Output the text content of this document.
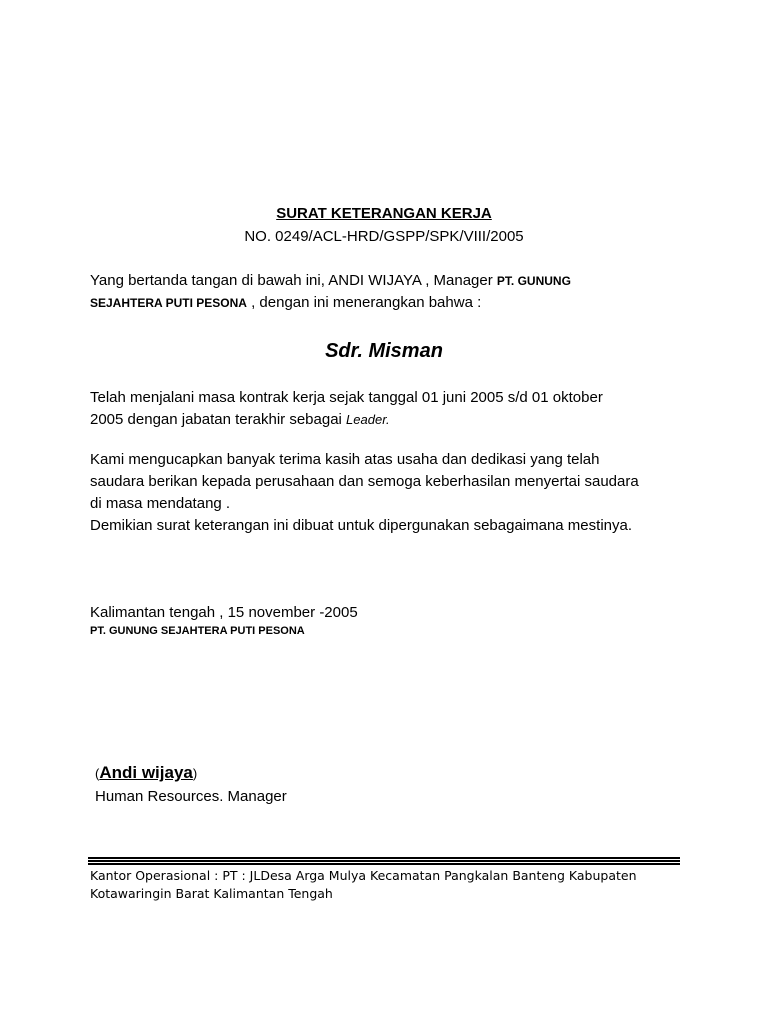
SURAT KETERANGAN KERJA
NO. 0249/ACL-HRD/GSPP/SPK/VIII/2005
Yang bertanda tangan di bawah ini, ANDI WIJAYA , Manager PT. GUNUNG
SEJAHTERA PUTI PESONA , dengan ini menerangkan bahwa :
Sdr. Misman
Telah menjalani masa kontrak kerja sejak tanggal 01 juni 2005 s/d 01 oktober
2005 dengan jabatan terakhir sebagai Leader.
Kami mengucapkan banyak terima kasih atas usaha dan dedikasi yang telah
saudara berikan kepada perusahaan dan semoga keberhasilan menyertai saudara
di masa mendatang .
Demikian surat keterangan ini dibuat untuk dipergunakan sebagaimana mestinya.
Kalimantan tengah , 15 november -2005
PT. GUNUNG SEJAHTERA PUTI PESONA
(Andi wijaya)
Human Resources. Manager
Kantor Operasional : PT : JLDesa Arga Mulya Kecamatan Pangkalan Banteng Kabupaten
Kotawaringin Barat Kalimantan Tengah
